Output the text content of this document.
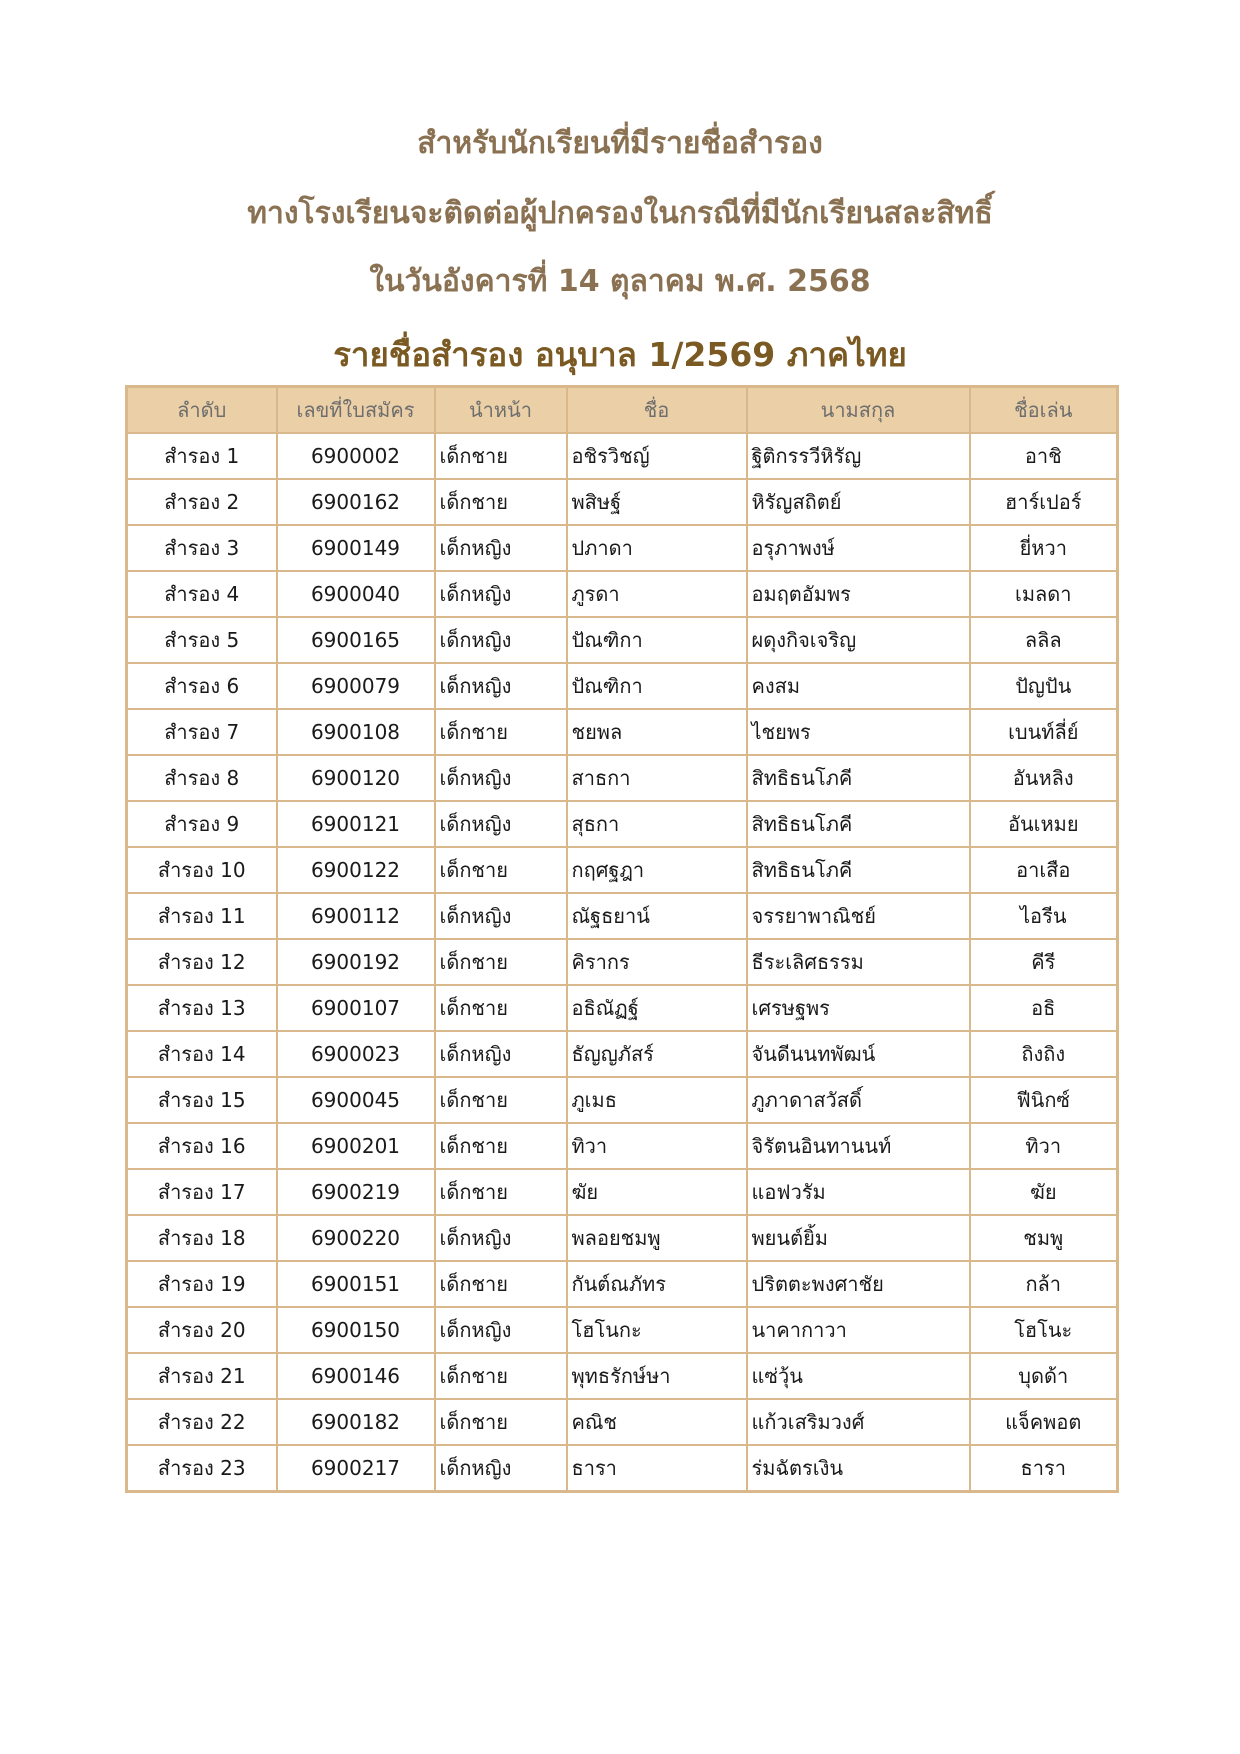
สำหรับนักเรียนที่มีรายชื่อสำรอง
ทางโรงเรียนจะติดต่อผู้ปกครองในกรณีที่มีนักเรียนสละสิทธิ์
ในวันอังคารที่ 14 ตุลาคม พ.ศ. 2568
รายชื่อสำรอง อนุบาล 1/2569 ภาคไทย
ลำดับ	เลขที่ใบสมัคร	นำหน้า	ชื่อ	นามสกุล	ชื่อเล่น
สำรอง 1	6900002	เด็กชาย	อชิรวิชญ์	ฐิติกรรวีหิรัญ	อาชิ
สำรอง 2	6900162	เด็กชาย	พสิษฐ์	หิรัญสถิตย์	ฮาร์เปอร์
สำรอง 3	6900149	เด็กหญิง	ปภาดา	อรุภาพงษ์	ยี่หวา
สำรอง 4	6900040	เด็กหญิง	ภูรดา	อมฤตอัมพร	เมลดา
สำรอง 5	6900165	เด็กหญิง	ปัณฑิกา	ผดุงกิจเจริญ	ลลิล
สำรอง 6	6900079	เด็กหญิง	ปัณฑิกา	คงสม	ปัญปัน
สำรอง 7	6900108	เด็กชาย	ชยพล	ไชยพร	เบนท์ลี่ย์
สำรอง 8	6900120	เด็กหญิง	สาธกา	สิทธิธนโภคี	อันหลิง
สำรอง 9	6900121	เด็กหญิง	สุธกา	สิทธิธนโภคี	อันเหมย
สำรอง 10	6900122	เด็กชาย	กฤศฐฎา	สิทธิธนโภคี	อาเสือ
สำรอง 11	6900112	เด็กหญิง	ณัฐธยาน์	จรรยาพาณิชย์	ไอรีน
สำรอง 12	6900192	เด็กชาย	คิรากร	ธีระเลิศธรรม	คีรี
สำรอง 13	6900107	เด็กชาย	อธิณัฏฐ์	เศรษฐพร	อธิ
สำรอง 14	6900023	เด็กหญิง	ธัญญภัสร์	จันดีนนทพัฒน์	ถิงถิง
สำรอง 15	6900045	เด็กชาย	ภูเมธ	ภูภาดาสวัสดิ์	ฟีนิกซ์
สำรอง 16	6900201	เด็กชาย	ทิวา	จิรัตนอินทานนท์	ทิวา
สำรอง 17	6900219	เด็กชาย	ฆัย	แอฟวรัม	ฆัย
สำรอง 18	6900220	เด็กหญิง	พลอยชมพู	พยนต์ยิ้ม	ชมพู
สำรอง 19	6900151	เด็กชาย	กันต์ณภัทร	ปริตตะพงศาชัย	กล้า
สำรอง 20	6900150	เด็กหญิง	โฮโนกะ	นาคากาวา	โฮโนะ
สำรอง 21	6900146	เด็กชาย	พุทธรักษ์ษา	แซ่วุ้น	บุดด้า
สำรอง 22	6900182	เด็กชาย	คณิช	แก้วเสริมวงศ์	แจ็คพอต
สำรอง 23	6900217	เด็กหญิง	ธารา	ร่มฉัตรเงิน	ธารา
